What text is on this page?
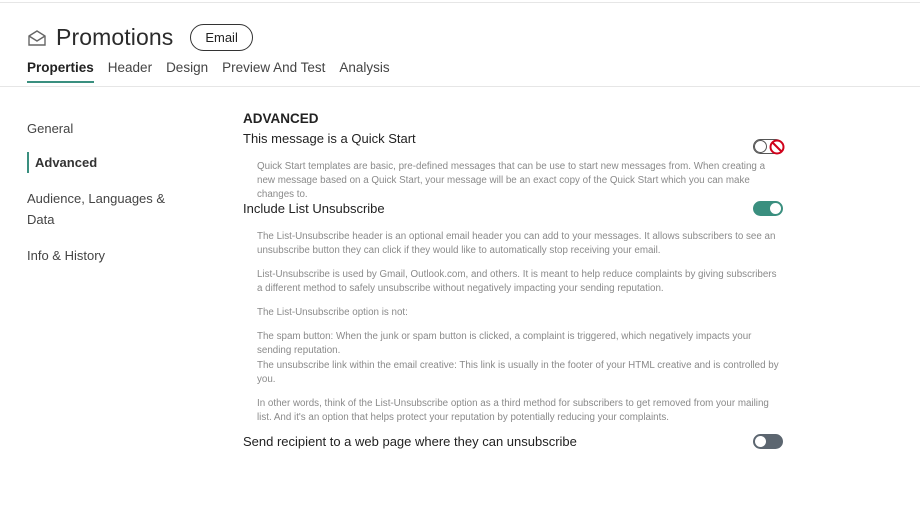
Promotions	Email
Properties Header Design Preview And Test Analysis
General
Advanced
Audience, Languages & Data
Info & History
ADVANCED
This message is a Quick Start
Quick Start templates are basic, pre-defined messages that can be use to start new messages from. When creating a new message based on a Quick Start, your message will be an exact copy of the Quick Start which you can make changes to.
Include List Unsubscribe
The List-Unsubscribe header is an optional email header you can add to your messages. It allows subscribers to see an unsubscribe button they can click if they would like to automatically stop receiving your email.
List-Unsubscribe is used by Gmail, Outlook.com, and others. It is meant to help reduce complaints by giving subscribers a different method to safely unsubscribe without negatively impacting your sending reputation.
The List-Unsubscribe option is not:
The spam button: When the junk or spam button is clicked, a complaint is triggered, which negatively impacts your sending reputation.
The unsubscribe link within the email creative: This link is usually in the footer of your HTML creative and is controlled by you.
In other words, think of the List-Unsubscribe option as a third method for subscribers to get removed from your mailing list. And it's an option that helps protect your reputation by potentially reducing your complaints.
Send recipient to a web page where they can unsubscribe
